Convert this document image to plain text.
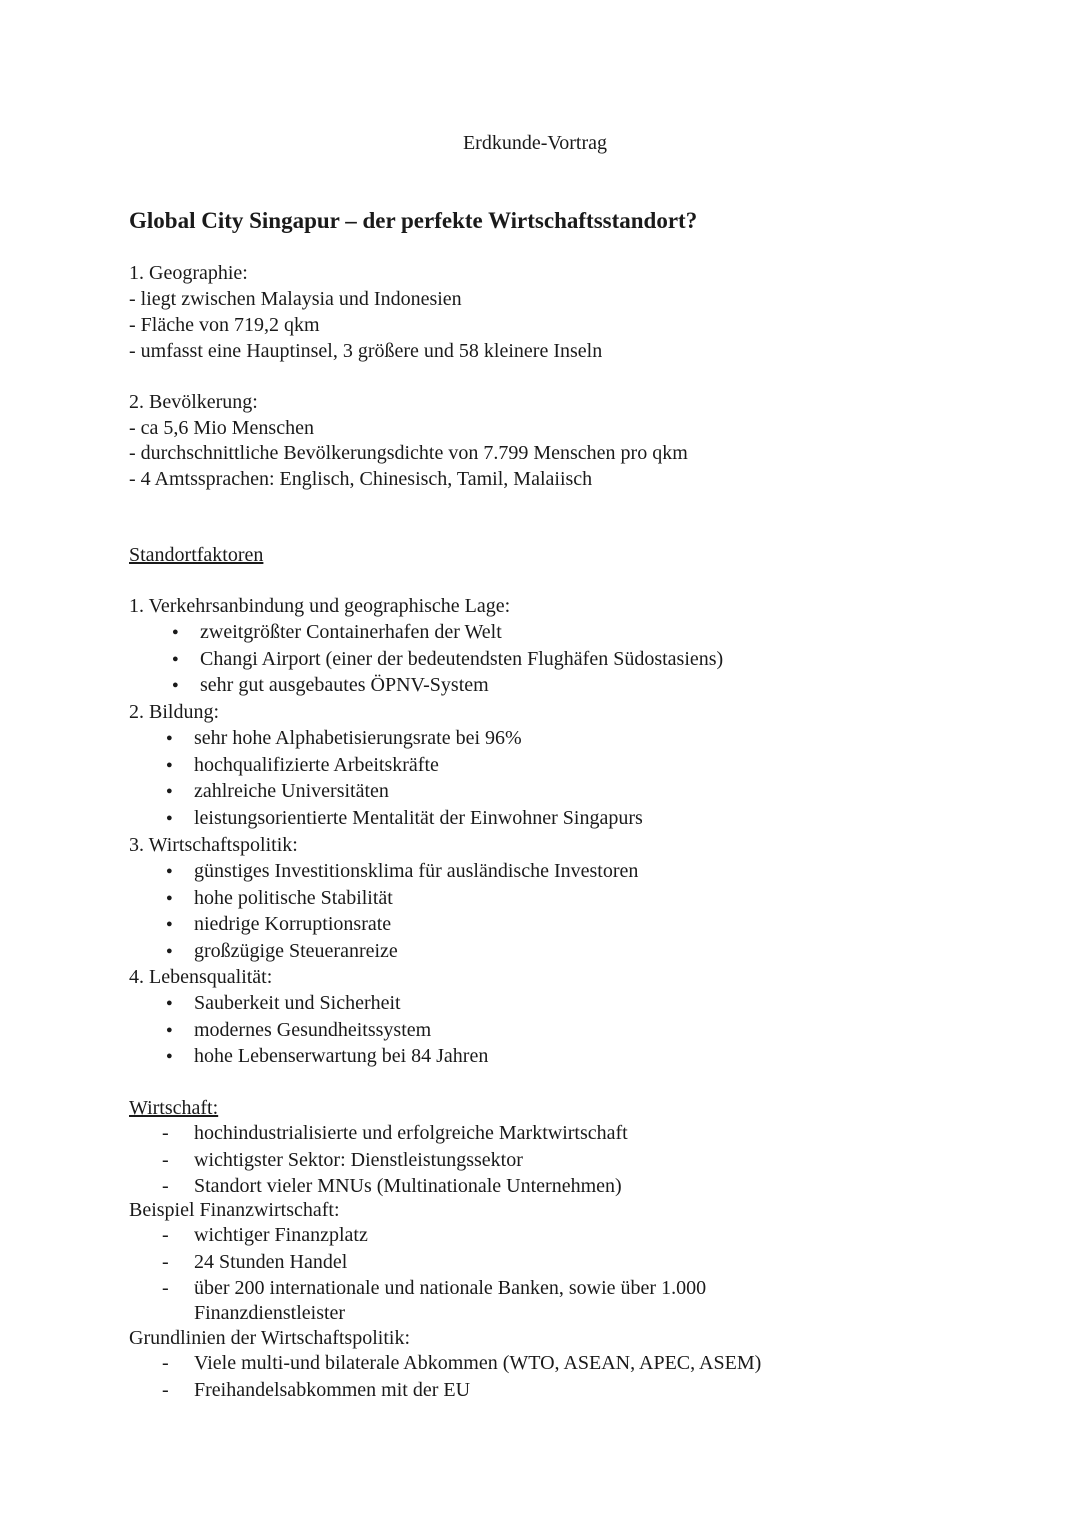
Erdkunde-Vortrag
Global City Singapur – der perfekte Wirtschaftsstandort?
1. Geographie:
- liegt zwischen Malaysia und Indonesien
- Fläche von 719,2 qkm
- umfasst eine Hauptinsel, 3 größere und 58 kleinere Inseln
2. Bevölkerung:
- ca 5,6 Mio Menschen
- durchschnittliche Bevölkerungsdichte von 7.799 Menschen pro qkm
- 4 Amtssprachen: Englisch, Chinesisch, Tamil, Malaiisch
Standortfaktoren
1. Verkehrsanbindung und geographische Lage:
● zweitgrößter Containerhafen der Welt
● Changi Airport (einer der bedeutendsten Flughäfen Südostasiens)
● sehr gut ausgebautes ÖPNV-System
2. Bildung:
● sehr hohe Alphabetisierungsrate bei 96%
● hochqualifizierte Arbeitskräfte
● zahlreiche Universitäten
● leistungsorientierte Mentalität der Einwohner Singapurs
3. Wirtschaftspolitik:
● günstiges Investitionsklima für ausländische Investoren
● hohe politische Stabilität
● niedrige Korruptionsrate
● großzügige Steueranreize
4. Lebensqualität:
● Sauberkeit und Sicherheit
● modernes Gesundheitssystem
● hohe Lebenserwartung bei 84 Jahren
Wirtschaft:
- hochindustrialisierte und erfolgreiche Marktwirtschaft
- wichtigster Sektor: Dienstleistungssektor
- Standort vieler MNUs (Multinationale Unternehmen)
Beispiel Finanzwirtschaft:
- wichtiger Finanzplatz
- 24 Stunden Handel
- über 200 internationale und nationale Banken, sowie über 1.000
Finanzdienstleister
Grundlinien der Wirtschaftspolitik:
- Viele multi-und bilaterale Abkommen (WTO, ASEAN, APEC, ASEM)
- Freihandelsabkommen mit der EU
